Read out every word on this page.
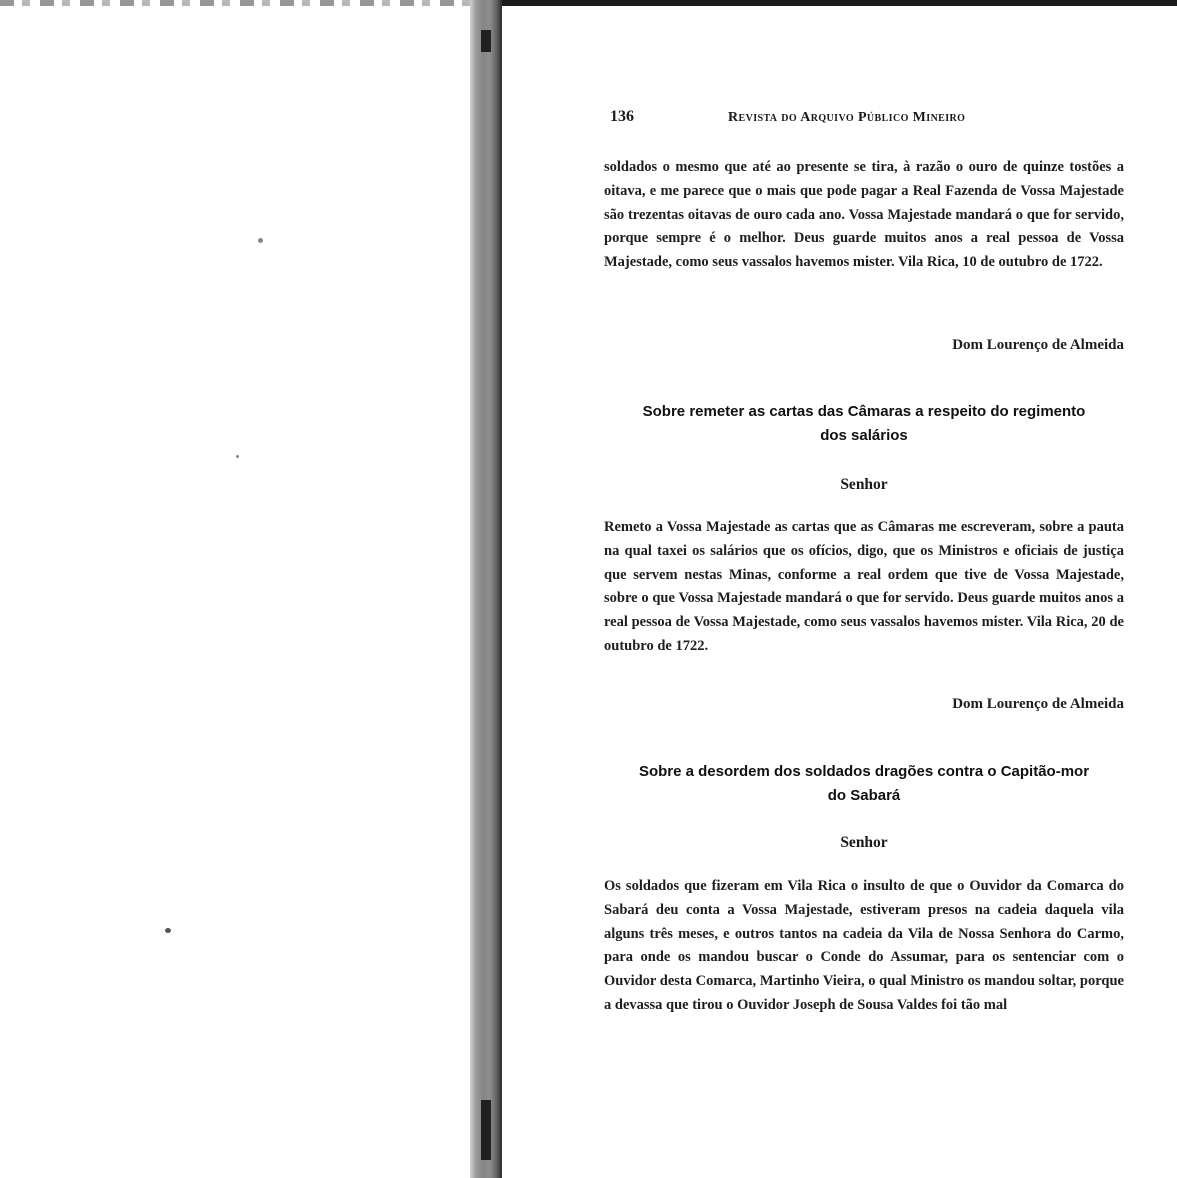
136	Revista do Arquivo Público Mineiro

soldados o mesmo que até ao presente se tira, à razão o ouro de quinze tostões a oitava, e me parece que o mais que pode pagar a Real Fazenda de Vossa Majestade são trezentas oitavas de ouro cada ano. Vossa Majestade mandará o que for servido, porque sempre é o melhor. Deus guarde muitos anos a real pessoa de Vossa Majestade, como seus vassalos havemos mister. Vila Rica, 10 de outubro de 1722.

Dom Lourenço de Almeida

Sobre remeter as cartas das Câmaras a respeito do regimento

dos salários

Senhor

Remeto a Vossa Majestade as cartas que as Câmaras me escreveram, sobre a pauta na qual taxei os salários que os ofícios, digo, que os Ministros e oficiais de justiça que servem nestas Minas, conforme a real ordem que tive de Vossa Majestade, sobre o que Vossa Majestade mandará o que for servido. Deus guarde muitos anos a real pessoa de Vossa Majestade, como seus vassalos havemos mister. Vila Rica, 20 de outubro de 1722.

Dom Lourenço de Almeida

Sobre a desordem dos soldados dragões contra o Capitão-mor

do Sabará

Senhor

Os soldados que fizeram em Vila Rica o insulto de que o Ouvidor da Comarca do Sabará deu conta a Vossa Majestade, estiveram presos na cadeia daquela vila alguns três meses, e outros tantos na cadeia da Vila de Nossa Senhora do Carmo, para onde os mandou buscar o Conde do Assumar, para os sentenciar com o Ouvidor desta Comarca, Martinho Vieira, o qual Ministro os mandou soltar, porque a devassa que tirou o Ouvidor Joseph de Sousa Valdes foi tão mal
